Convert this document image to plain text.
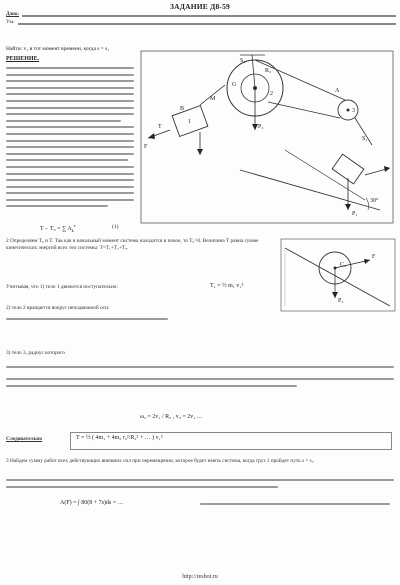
ЗАДАНИЕ Д8-59
Дано:
Уза.
Найти: v₁ в тот момент времени, когда s = s₁
РЕШЕНИЕ.
T − T₀ = ∑ $A_k^e$	(1)
S₂
R₂
G
T
F
P₂
M
B
A
S₁
P₁
30°
1
2
3
2 Определяем T₀ и T. Так как в начальный момент система находится в покое, то T₀=0. Величина T равна сумме кинетических энергий всех тел системы: T=T₁+T₂+T₃.
Учитывая, что 1) тело 1 движется поступательно:	T₁ = ½ m₁ v₁²
C₃
P₃
F
2) тело 2 вращается вокруг неподвижной оси:
3) тело 3, радиус которого
ω₂ = 2v₁ / R₂ , v₃ = 2v₁ …
Следовательно	T = ½ ( 4m₁ + 4m₂ r₂²/R₂² + … ) v₁²
3 Найдем сумму работ всех действующих внешних сил при перемещении, которое будет иметь система, когда груз 1 пройдет путь s = s₁.
A(F) = ∫ 80(8 + 7s)ds = …
http://reshot.ru
